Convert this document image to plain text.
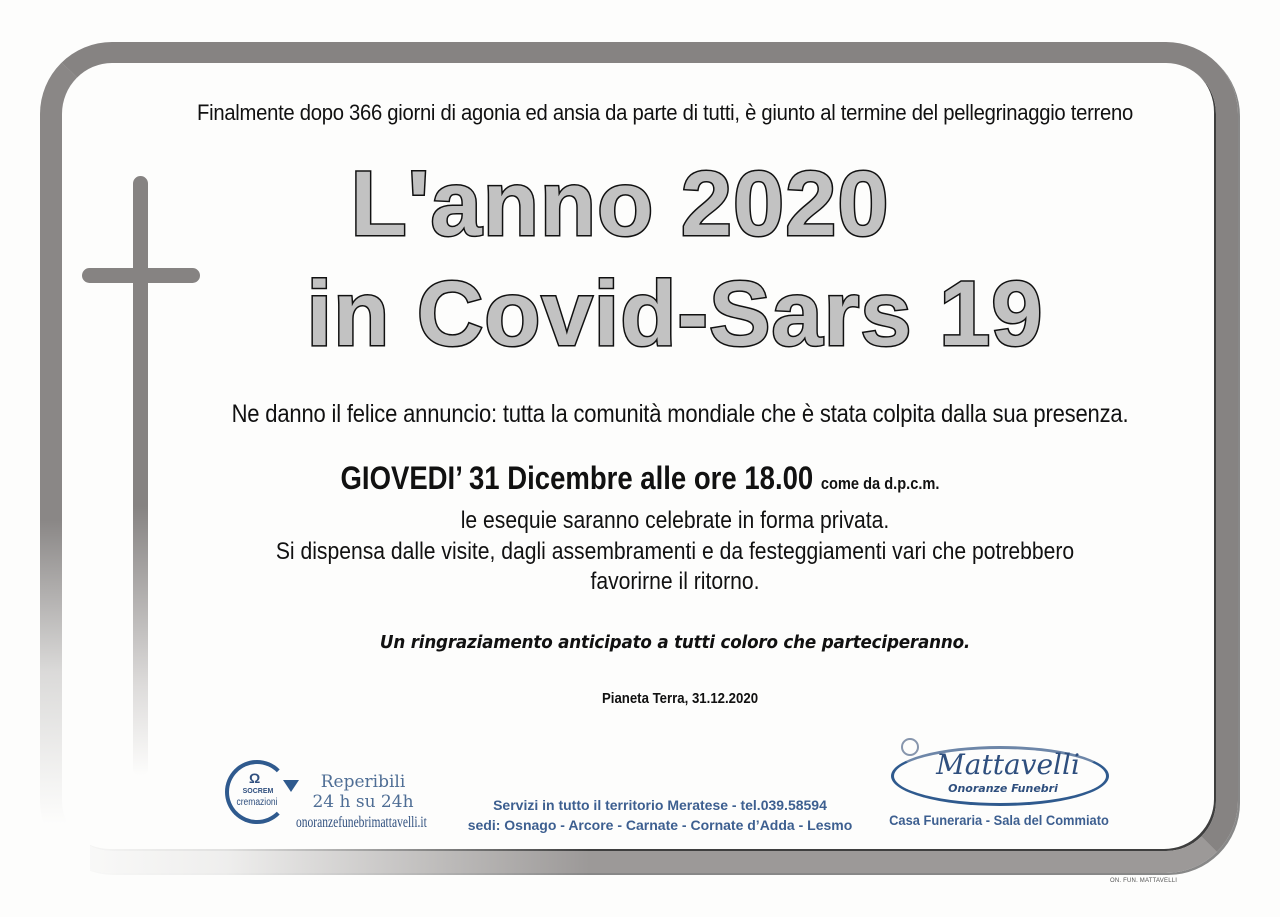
Finalmente dopo 366 giorni di agonia ed ansia da parte di tutti, è giunto al termine del pellegrinaggio terreno
L'anno 2020
in Covid-Sars 19
Ne danno il felice annuncio: tutta la comunità mondiale che è stata colpita dalla sua presenza.
GIOVEDI’ 31 Dicembre alle ore 18.00 come da d.p.c.m.
le esequie saranno celebrate in forma privata.
Si dispensa dalle visite, dagli assembramenti e da festeggiamenti vari che potrebbero
favorirne il ritorno.
Un ringraziamento anticipato a tutti coloro che parteciperanno.
Pianeta Terra, 31.12.2020
Ω
SOCREM
cremazioni
Reperibili
24 h su 24h
onoranzefunebrimattavelli.it
Servizi in tutto il territorio Meratese - tel.039.58594
sedi: Osnago - Arcore - Carnate - Cornate d’Adda - Lesmo
Mattavelli
Onoranze Funebri
Casa Funeraria - Sala del Commiato
ON. FUN. MATTAVELLI
